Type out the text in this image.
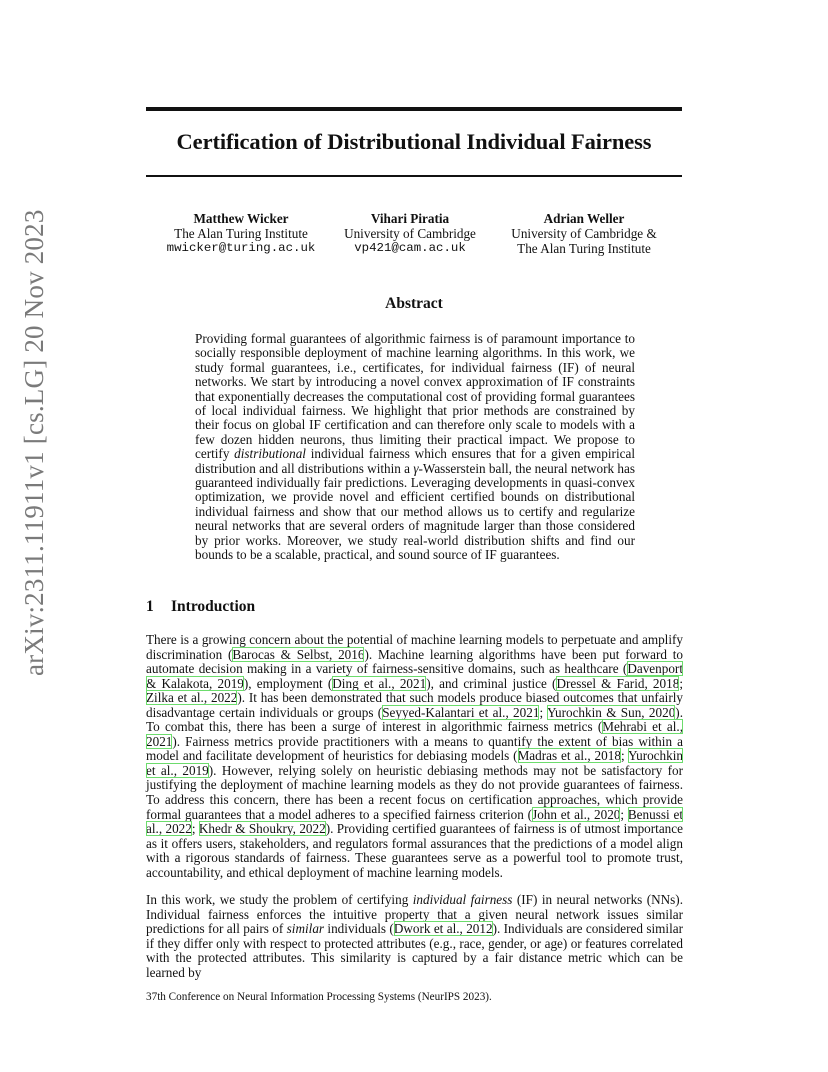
arXiv:2311.11911v1 [cs.LG] 20 Nov 2023
Certification of Distributional Individual Fairness
Matthew Wicker
The Alan Turing Institute
mwicker@turing.ac.uk
Vihari Piratia
University of Cambridge
vp421@cam.ac.uk
Adrian Weller
University of Cambridge &
The Alan Turing Institute
Abstract
Providing formal guarantees of algorithmic fairness is of paramount importance to socially responsible deployment of machine learning algorithms. In this work, we study formal guarantees, i.e., certificates, for individual fairness (IF) of neural networks. We start by introducing a novel convex approximation of IF constraints that exponentially decreases the computational cost of providing formal guarantees of local individual fairness. We highlight that prior methods are constrained by their focus on global IF certification and can therefore only scale to models with a few dozen hidden neurons, thus limiting their practical impact. We propose to certify distributional individual fairness which ensures that for a given empirical distribution and all distributions within a γ-Wasserstein ball, the neural network has guaranteed individually fair predictions. Leveraging developments in quasi-convex optimization, we provide novel and efficient certified bounds on distributional individual fairness and show that our method allows us to certify and regularize neural networks that are several orders of magnitude larger than those considered by prior works. Moreover, we study real-world distribution shifts and find our bounds to be a scalable, practical, and sound source of IF guarantees.
1 Introduction

There is a growing concern about the potential of machine learning models to perpetuate and amplify discrimination (Barocas & Selbst, 2016). Machine learning algorithms have been put forward to automate decision making in a variety of fairness-sensitive domains, such as healthcare (Davenport & Kalakota, 2019), employment (Ding et al., 2021), and criminal justice (Dressel & Farid, 2018; Zilka et al., 2022). It has been demonstrated that such models produce biased outcomes that unfairly disadvantage certain individuals or groups (Seyyed-Kalantari et al., 2021; Yurochkin & Sun, 2020). To combat this, there has been a surge of interest in algorithmic fairness metrics (Mehrabi et al., 2021). Fairness metrics provide practitioners with a means to quantify the extent of bias within a model and facilitate development of heuristics for debiasing models (Madras et al., 2018; Yurochkin et al., 2019). However, relying solely on heuristic debiasing methods may not be satisfactory for justifying the deployment of machine learning models as they do not provide guarantees of fairness. To address this concern, there has been a recent focus on certification approaches, which provide formal guarantees that a model adheres to a specified fairness criterion (John et al., 2020; Benussi et al., 2022; Khedr & Shoukry, 2022). Providing certified guarantees of fairness is of utmost importance as it offers users, stakeholders, and regulators formal assurances that the predictions of a model align with a rigorous standards of fairness. These guarantees serve as a powerful tool to promote trust, accountability, and ethical deployment of machine learning models.

In this work, we study the problem of certifying individual fairness (IF) in neural networks (NNs). Individual fairness enforces the intuitive property that a given neural network issues similar predictions for all pairs of similar individuals (Dwork et al., 2012). Individuals are considered similar if they differ only with respect to protected attributes (e.g., race, gender, or age) or features correlated with the protected attributes. This similarity is captured by a fair distance metric which can be learned by

37th Conference on Neural Information Processing Systems (NeurIPS 2023).
